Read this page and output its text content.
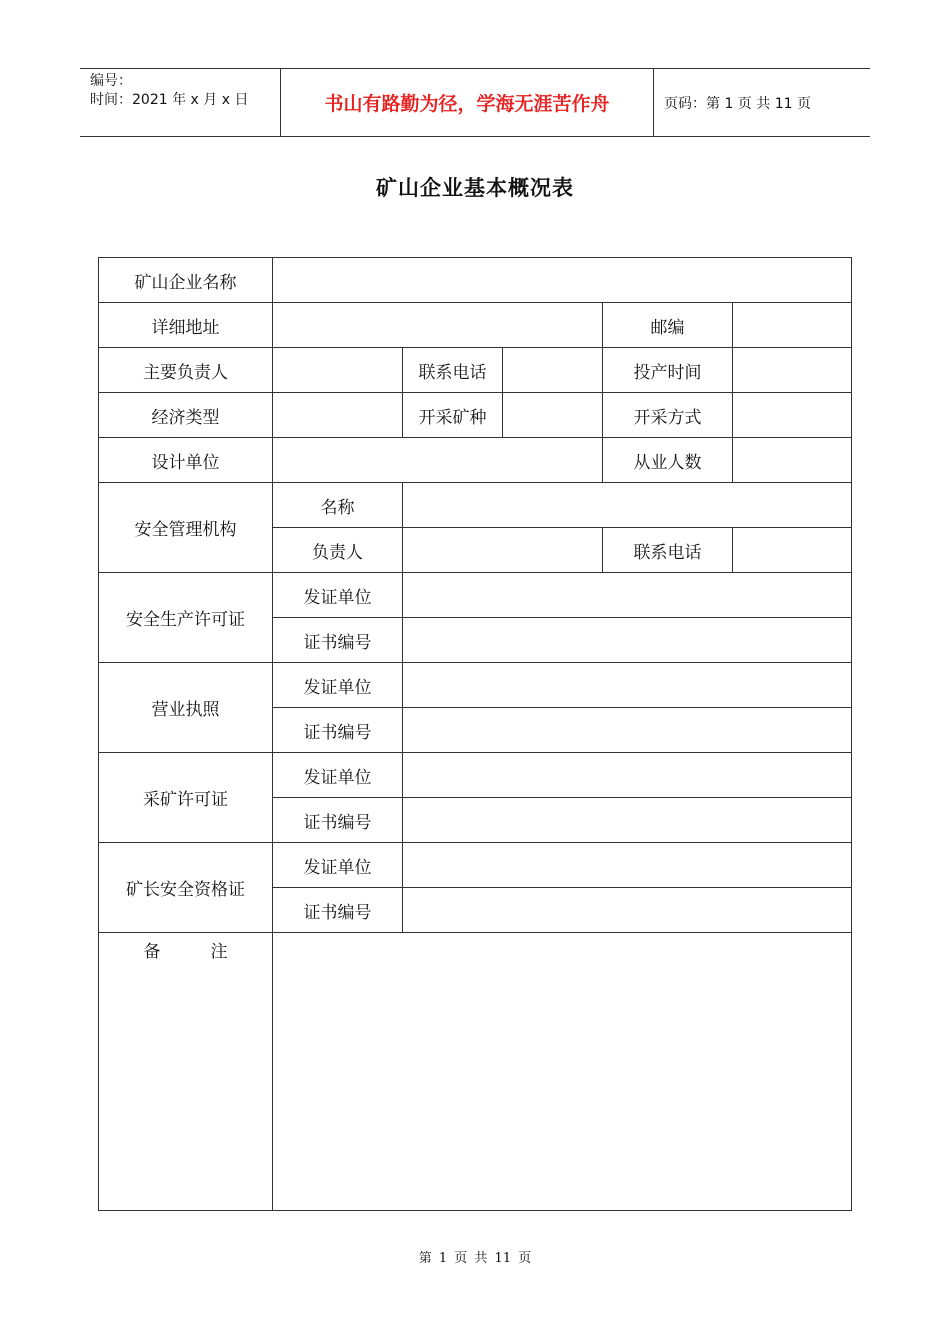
编号：
时间：2021 年 x 月 x 日	书山有路勤为径，学海无涯苦作舟	页码：第 1 页 共 11 页
矿山企业基本概况表
矿山企业名称					
详细地址				邮编	
主要负责人		联系电话		投产时间	
经济类型		开采矿种		开采方式	
设计单位				从业人数	
安全管理机构	名称				
	负责人			联系电话	
安全生产许可证	发证单位				
	证书编号				
营业执照	发证单位				
	证书编号				
采矿许可证	发证单位				
	证书编号				
矿长安全资格证	发证单位				
	证书编号				
备注					
第 1 页 共 11 页
